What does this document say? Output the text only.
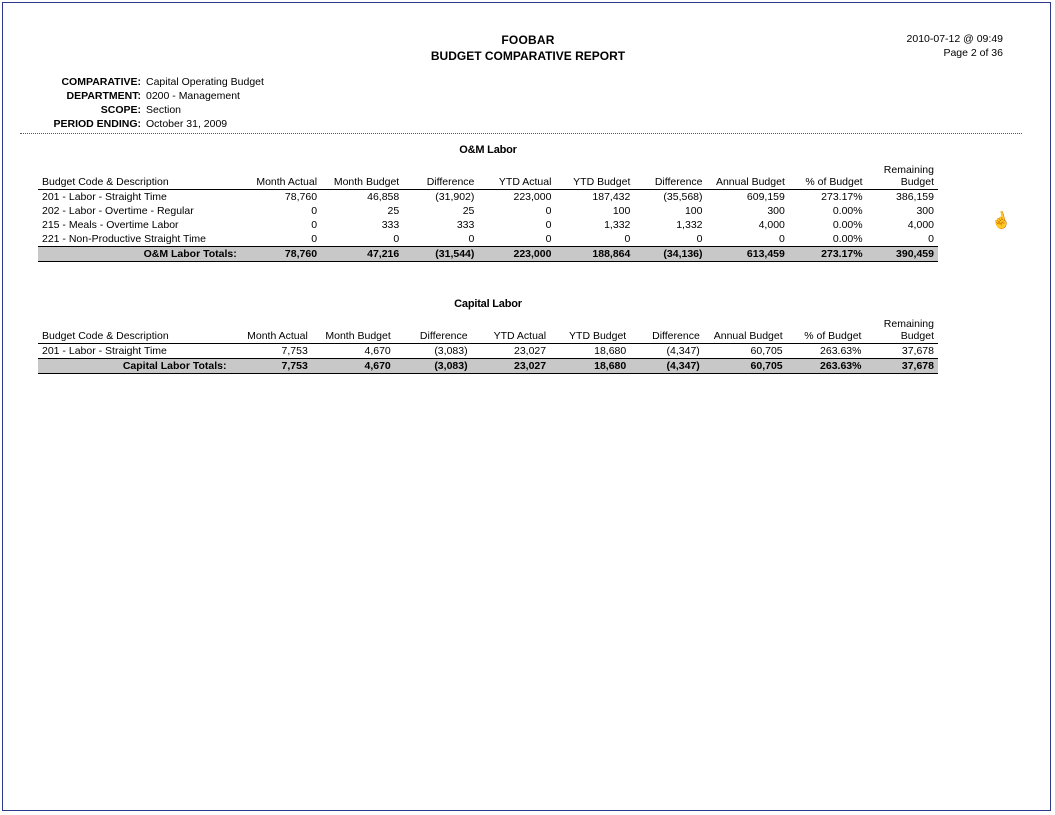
FOOBAR
BUDGET COMPARATIVE REPORT
2010-07-12 @ 09:49
Page 2 of 36
COMPARATIVE: Capital Operating Budget
DEPARTMENT: 0200 - Management
SCOPE: Section
PERIOD ENDING: October 31, 2009
O&M Labor
Budget Code & Description	Month Actual	Month Budget	Difference	YTD Actual	YTD Budget	Difference	Annual Budget	% of Budget	Remaining
Budget

201 - Labor - Straight Time	78,760	46,858	(31,902)	223,000	187,432	(35,568)	609,159	273.17%	386,159
202 - Labor - Overtime - Regular	0	25	25	0	100	100	300	0.00%	300
215 - Meals - Overtime Labor	0	333	333	0	1,332	1,332	4,000	0.00%	4,000
221 - Non-Productive Straight Time	0	0	0	0	0	0	0	0.00%	0
O&M Labor Totals:	78,760	47,216	(31,544)	223,000	188,864	(34,136)	613,459	273.17%	390,459
Capital Labor
Budget Code & Description	Month Actual	Month Budget	Difference	YTD Actual	YTD Budget	Difference	Annual Budget	% of Budget	Remaining
Budget

201 - Labor - Straight Time	7,753	4,670	(3,083)	23,027	18,680	(4,347)	60,705	263.63%	37,678
Capital Labor Totals:	7,753	4,670	(3,083)	23,027	18,680	(4,347)	60,705	263.63%	37,678
☝
